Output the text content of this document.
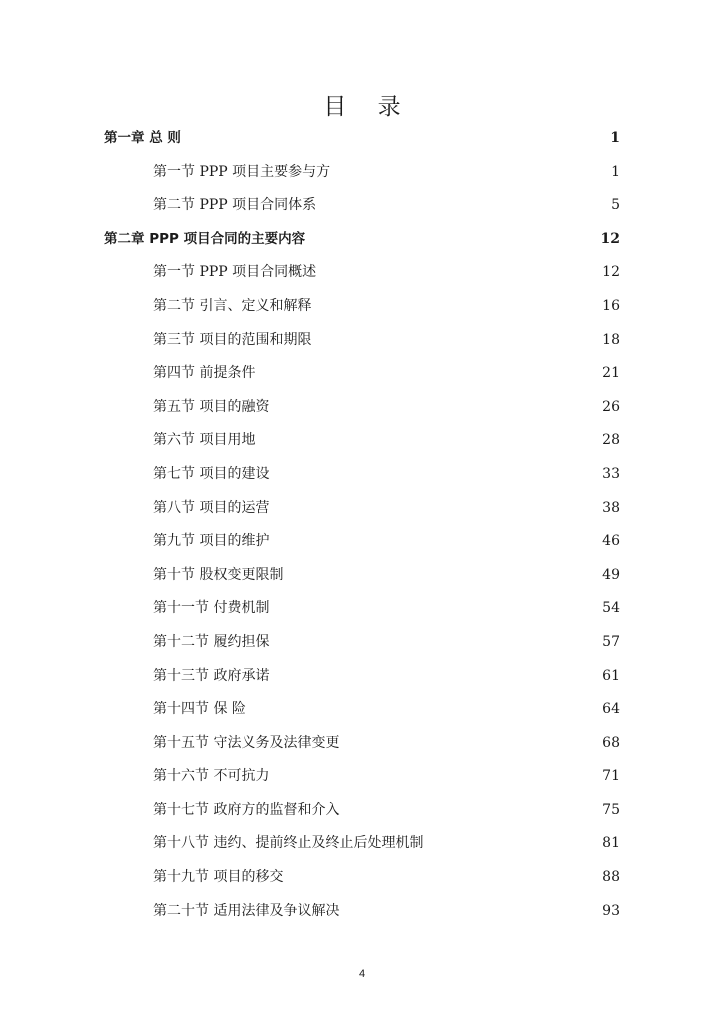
目 录
第一章 总 则	1
第一节 PPP 项目主要参与方	1
第二节 PPP 项目合同体系	5
第二章 PPP 项目合同的主要内容	12
第一节 PPP 项目合同概述	12
第二节 引言、定义和解释	16
第三节 项目的范围和期限	18
第四节 前提条件	21
第五节 项目的融资	26
第六节 项目用地	28
第七节 项目的建设	33
第八节 项目的运营	38
第九节 项目的维护	46
第十节 股权变更限制	49
第十一节 付费机制	54
第十二节 履约担保	57
第十三节 政府承诺	61
第十四节 保 险	64
第十五节 守法义务及法律变更	68
第十六节 不可抗力	71
第十七节 政府方的监督和介入	75
第十八节 违约、提前终止及终止后处理机制	81
第十九节 项目的移交	88
第二十节 适用法律及争议解决	93
4
